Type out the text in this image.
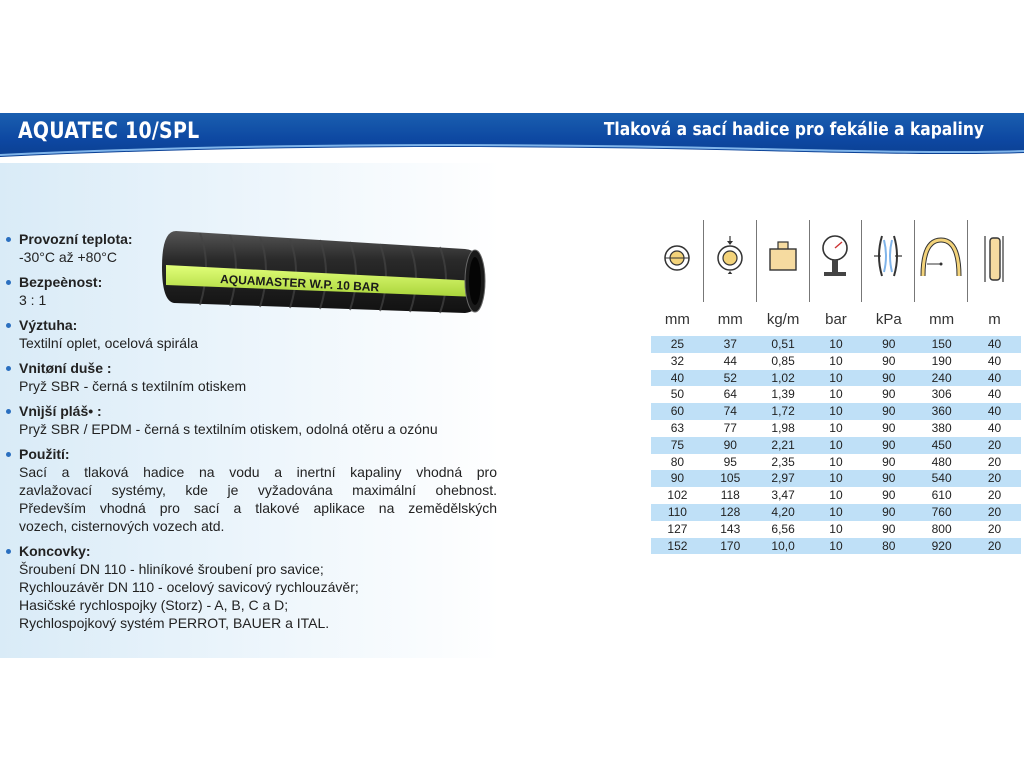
AQUATEC 10/SPL	Tlaková a sací hadice pro fekálie a kapaliny
AQUAMASTER W.P. 10 BAR
Provozní teplota:
-30°C až +80°C
Bezpeènost:
3 : 1
Výztuha:
Textilní oplet, ocelová spirála
Vnitøní duše :
Pryž SBR - černá s textilním otiskem
Vnìjší pláš• :
Pryž SBR / EPDM - černá s textilním otiskem, odolná otěru a ozónu
Použití:
Sací a tlaková hadice na vodu a inertní kapaliny vhodná pro
zavlažovací systémy, kde je vyžadována maximální ohebnost.
Především vhodná pro sací a tlakové aplikace na zemědělských
vozech, cisternových vozech atd.
Koncovky:
Šroubení DN 110 - hliníkové šroubení pro savice;
Rychlouzávěr DN 110 - ocelový savicový rychlouzávěr;
Hasičské rychlospojky (Storz) - A, B, C a D;
Rychlospojkový systém PERROT, BAUER a ITAL.
mm	mm	kg/m	bar	kPa	mm	m
25	37	0,51	10	90	150	40
32	44	0,85	10	90	190	40
40	52	1,02	10	90	240	40
50	64	1,39	10	90	306	40
60	74	1,72	10	90	360	40
63	77	1,98	10	90	380	40
75	90	2,21	10	90	450	20
80	95	2,35	10	90	480	20
90	105	2,97	10	90	540	20
102	118	3,47	10	90	610	20
110	128	4,20	10	90	760	20
127	143	6,56	10	90	800	20
152	170	10,0	10	80	920	20
